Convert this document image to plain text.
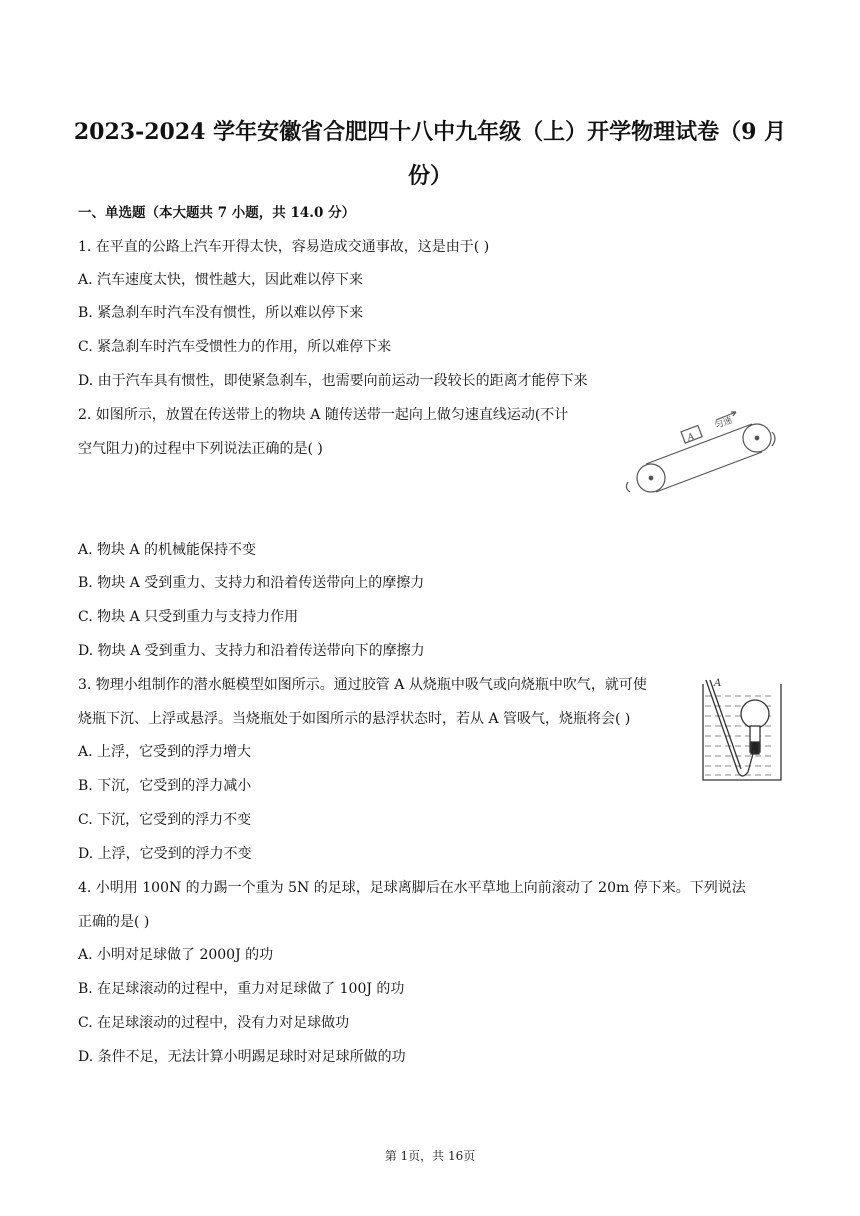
2023-2024 学年安徽省合肥四十八中九年级（上）开学物理试卷（9 月
份）
一、单选题（本大题共 7 小题，共 14.0 分）
1. 在平直的公路上汽车开得太快，容易造成交通事故，这是由于( )
A. 汽车速度太快，惯性越大，因此难以停下来
B. 紧急刹车时汽车没有惯性，所以难以停下来
C. 紧急刹车时汽车受惯性力的作用，所以难停下来
D. 由于汽车具有惯性，即使紧急刹车，也需要向前运动一段较长的距离才能停下来
2. 如图所示，放置在传送带上的物块 A 随传送带一起向上做匀速直线运动(不计
空气阻力)的过程中下列说法正确的是( )
A
匀速
A. 物块 A 的机械能保持不变
B. 物块 A 受到重力、支持力和沿着传送带向上的摩擦力
C. 物块 A 只受到重力与支持力作用
D. 物块 A 受到重力、支持力和沿着传送带向下的摩擦力
3. 物理小组制作的潜水艇模型如图所示。通过胶管 A 从烧瓶中吸气或向烧瓶中吹气，就可使
烧瓶下沉、上浮或悬浮。当烧瓶处于如图所示的悬浮状态时，若从 A 管吸气，烧瓶将会( )
A
A. 上浮，它受到的浮力增大
B. 下沉，它受到的浮力减小
C. 下沉，它受到的浮力不变
D. 上浮，它受到的浮力不变
4. 小明用 100N 的力踢一个重为 5N 的足球，足球离脚后在水平草地上向前滚动了 20m 停下来。下列说法
正确的是( )
A. 小明对足球做了 2000J 的功
B. 在足球滚动的过程中，重力对足球做了 100J 的功
C. 在足球滚动的过程中，没有力对足球做功
D. 条件不足，无法计算小明踢足球时对足球所做的功
第 1页，共 16页
